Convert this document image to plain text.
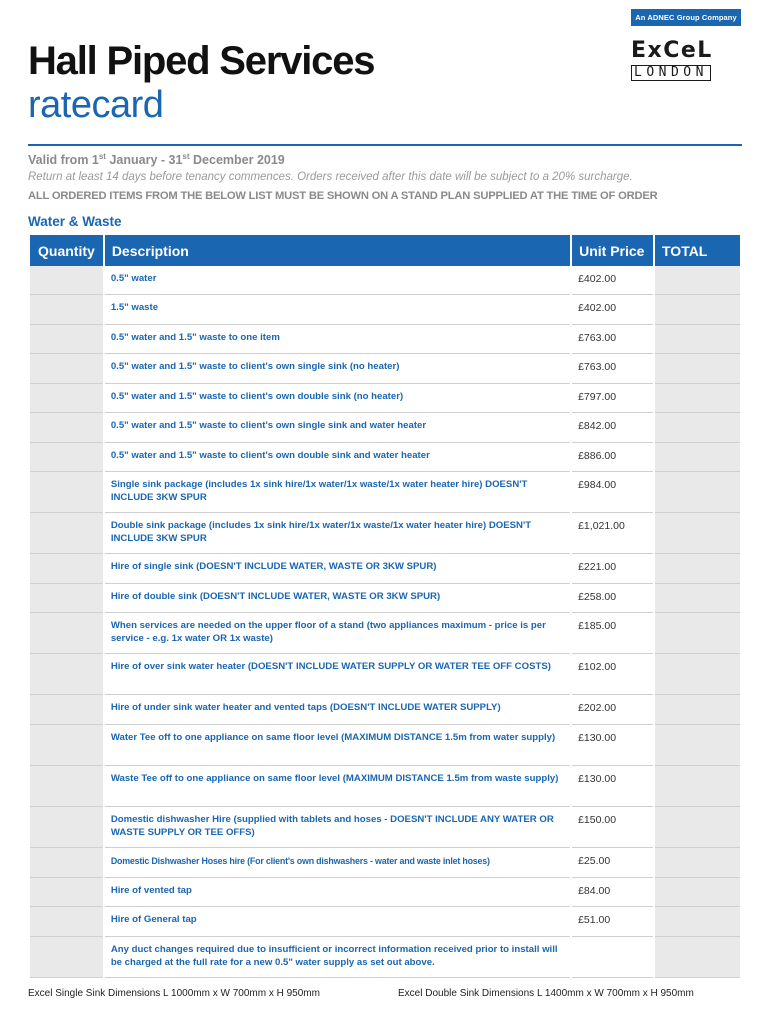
An ADNEC Group Company
ExCeL
LONDON
Hall Piped Services
ratecard
Valid from 1st January - 31st December 2019
Return at least 14 days before tenancy commences. Orders received after this date will be subject to a 20% surcharge.
ALL ORDERED ITEMS FROM THE BELOW LIST MUST BE SHOWN ON A STAND PLAN SUPPLIED AT THE TIME OF ORDER
Water & Waste
Quantity	Description	Unit Price	TOTAL
	0.5" water	£402.00	
	1.5" waste	£402.00	
	0.5" water and 1.5" waste to one item	£763.00	
	0.5" water and 1.5" waste to client's own single sink (no heater)	£763.00	
	0.5" water and 1.5" waste to client's own double sink (no heater)	£797.00	
	0.5" water and 1.5" waste to client's own single sink and water heater	£842.00	
	0.5" water and 1.5" waste to client's own double sink and water heater	£886.00	
	Single sink package (includes 1x sink hire/1x water/1x waste/1x water heater hire) DOESN'T INCLUDE 3KW SPUR	£984.00	
	Double sink package (includes 1x sink hire/1x water/1x waste/1x water heater hire) DOESN'T INCLUDE 3KW SPUR	£1,021.00	
	Hire of single sink (DOESN'T INCLUDE WATER, WASTE OR 3KW SPUR)	£221.00	
	Hire of double sink (DOESN'T INCLUDE WATER, WASTE OR 3KW SPUR)	£258.00	
	When services are needed on the upper floor of a stand (two appliances maximum - price is per service - e.g. 1x water OR 1x waste)	£185.00	
	Hire of over sink water heater (DOESN'T INCLUDE WATER SUPPLY OR WATER TEE OFF COSTS)	£102.00	
	Hire of under sink water heater and vented taps (DOESN'T INCLUDE WATER SUPPLY)	£202.00	
	Water Tee off to one appliance on same floor level (MAXIMUM DISTANCE 1.5m from water supply)	£130.00	
	Waste Tee off to one appliance on same floor level (MAXIMUM DISTANCE 1.5m from waste supply)	£130.00	
	Domestic dishwasher Hire (supplied with tablets and hoses - DOESN'T INCLUDE ANY WATER OR WASTE SUPPLY OR TEE OFFS)	£150.00	
	Domestic Dishwasher Hoses hire (For client's own dishwashers - water and waste inlet hoses)	£25.00	
	Hire of vented tap	£84.00	
	Hire of General tap	£51.00	
	Any duct changes required due to insufficient or incorrect information received prior to install will be charged at the full rate for a new 0.5" water supply as set out above.		
Excel Single Sink Dimensions L 1000mm x W 700mm x H 950mm	Excel Double Sink Dimensions L 1400mm x W 700mm x H 950mm
